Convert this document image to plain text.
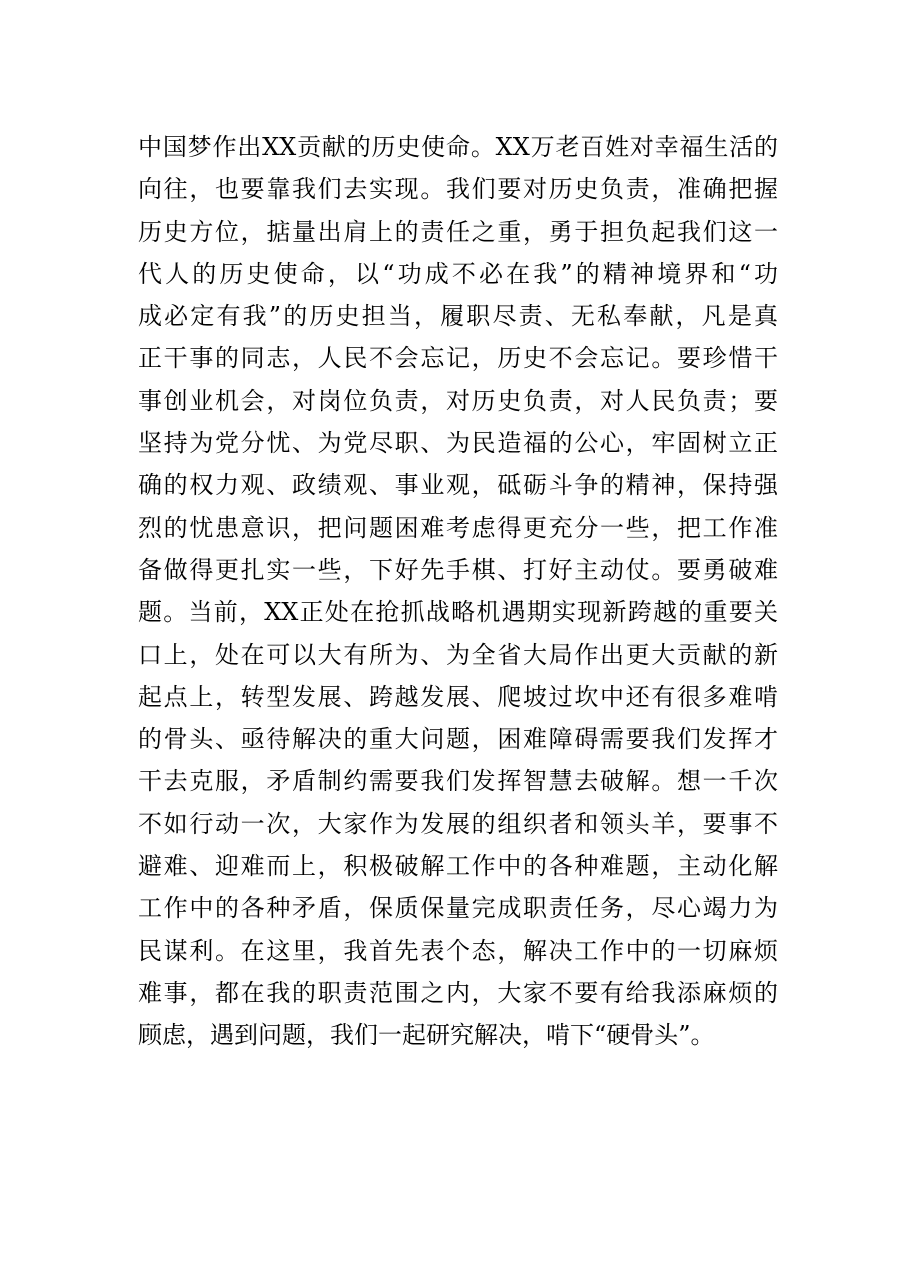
中国梦作出XX贡献的历史使命。XX万老百姓对幸福生活的
向往，也要靠我们去实现。我们要对历史负责，准确把握
历史方位，掂量出肩上的责任之重，勇于担负起我们这一
代人的历史使命，以“功成不必在我”的精神境界和“功
成必定有我”的历史担当，履职尽责、无私奉献，凡是真
正干事的同志，人民不会忘记，历史不会忘记。要珍惜干
事创业机会，对岗位负责，对历史负责，对人民负责；要
坚持为党分忧、为党尽职、为民造福的公心，牢固树立正
确的权力观、政绩观、事业观，砥砺斗争的精神，保持强
烈的忧患意识，把问题困难考虑得更充分一些，把工作准
备做得更扎实一些，下好先手棋、打好主动仗。要勇破难
题。当前，XX正处在抢抓战略机遇期实现新跨越的重要关
口上，处在可以大有所为、为全省大局作出更大贡献的新
起点上，转型发展、跨越发展、爬坡过坎中还有很多难啃
的骨头、亟待解决的重大问题，困难障碍需要我们发挥才
干去克服，矛盾制约需要我们发挥智慧去破解。想一千次
不如行动一次，大家作为发展的组织者和领头羊，要事不
避难、迎难而上，积极破解工作中的各种难题，主动化解
工作中的各种矛盾，保质保量完成职责任务，尽心竭力为
民谋利。在这里，我首先表个态，解决工作中的一切麻烦
难事，都在我的职责范围之内，大家不要有给我添麻烦的
顾虑，遇到问题，我们一起研究解决，啃下“硬骨头”。
